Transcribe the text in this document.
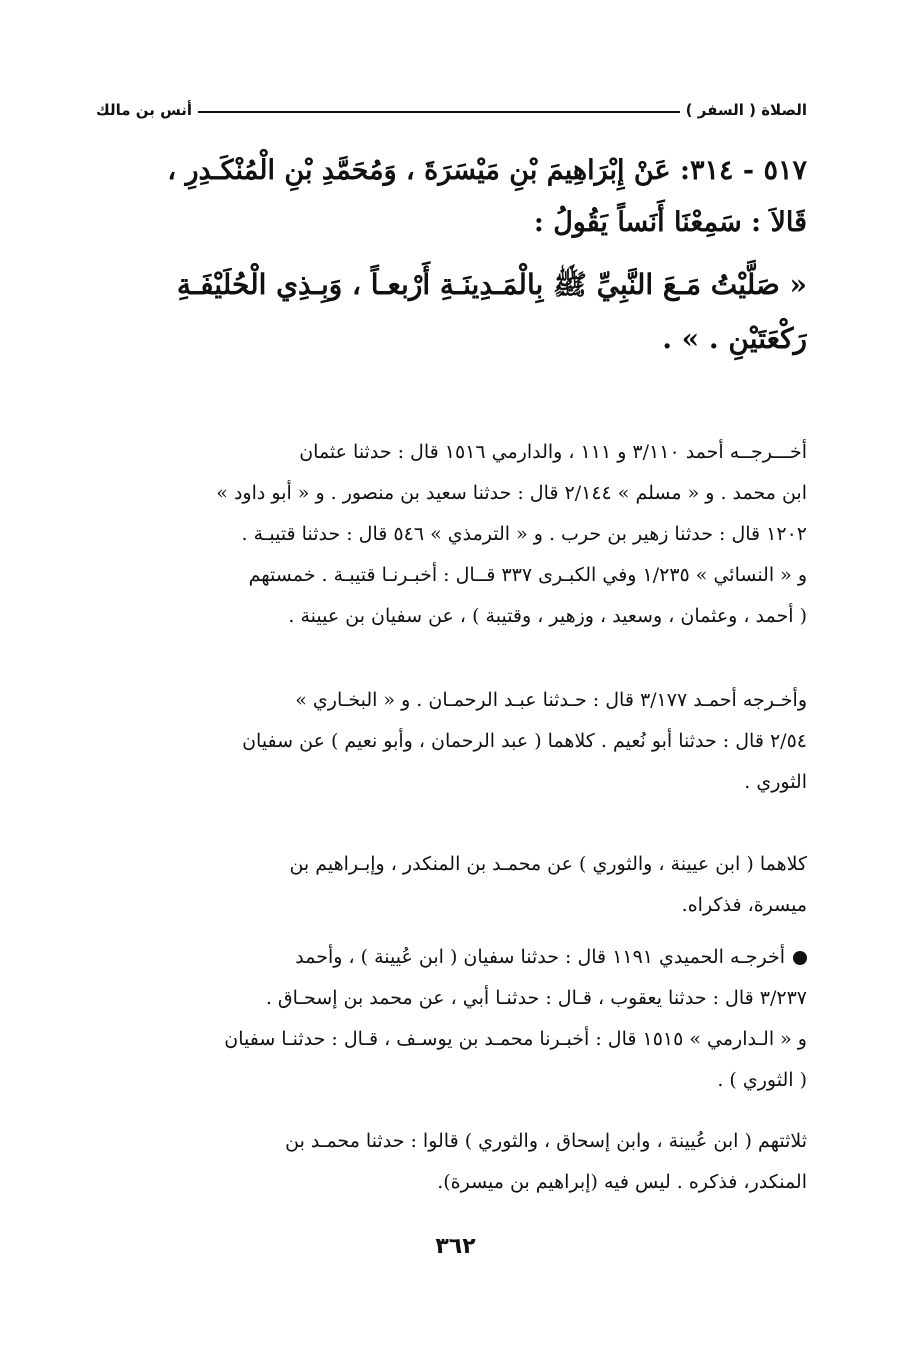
الصلاة ( السفر )
أنس بن مالك
٥١٧ - ٣١٤: عَنْ إِبْرَاهِيمَ بْنِ مَيْسَرَةَ ، وَمُحَمَّدِ بْنِ الْمُنْكَـدِرِ ،
قَالاَ : سَمِعْنَا أَنَساً يَقُولُ :
« صَلَّيْتُ مَـعَ النَّبِيِّ ﷺ بِالْمَـدِينَـةِ أَرْبعـاً ، وَبِـذِي الْحُلَيْفَـةِ
رَكْعَتَيْنِ . » .
أخـــرجــه أحمد ٣/١١٠ و ١١١ ، والدارمي ١٥١٦ قال : حدثنا عثمان
ابن محمد . و « مسلم » ٢/١٤٤ قال : حدثنا سعيد بن منصور . و « أبو داود »
١٢٠٢ قال : حدثنا زهير بن حرب . و « الترمذي » ٥٤٦ قال : حدثنا قتيبـة .
و « النسائي » ١/٢٣٥ وفي الكبـرى ٣٣٧ قــال : أخبـرنـا قتيبـة . خمستهم
( أحمد ، وعثمان ، وسعيد ، وزهير ، وقتيبة ) ، عن سفيان بن عيينة .
وأخـرجه أحمـد ٣/١٧٧ قال : حـدثنا عبـد الرحمـان . و « البخـاري »
٢/٥٤ قال : حدثنا أبو نُعيم . كلاهما ( عبد الرحمان ، وأبو نعيم ) عن سفيان
الثوري .
كلاهما ( ابن عيينة ، والثوري ) عن محمـد بن المنكدر ، وإبـراهيم بن
ميسرة، فذكراه.
أخرجـه الحميدي ١١٩١ قال : حدثنا سفيان ( ابن عُيينة ) ، وأحمد
٣/٢٣٧ قال : حدثنا يعقوب ، قـال : حدثنـا أبي ، عن محمد بن إسحـاق .
و « الـدارمي » ١٥١٥ قال : أخبـرنا محمـد بن يوسـف ، قـال : حدثنـا سفيان
( الثوري ) .
ثلاثتهم ( ابن عُيينة ، وابن إسحاق ، والثوري ) قالوا : حدثنا محمـد بن
المنكدر، فذكره . ليس فيه (إبراهيم بن ميسرة).
٣٦٢
